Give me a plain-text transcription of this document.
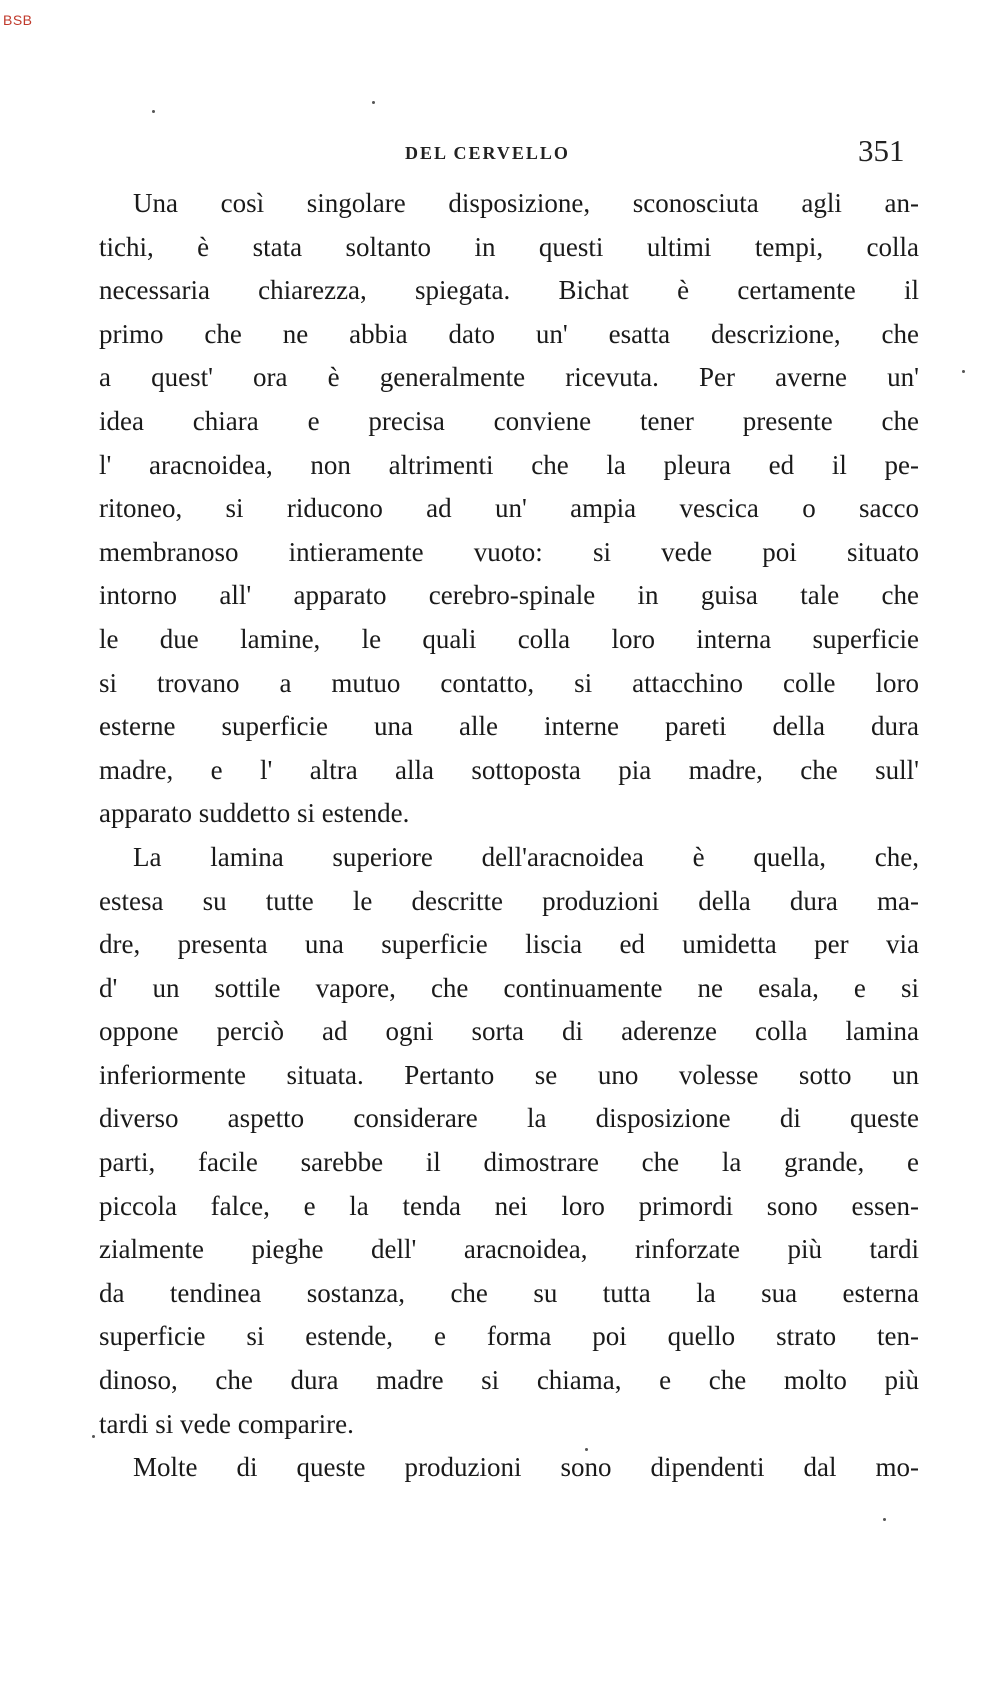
BSB
DEL CERVELLO	351
Una così singolare disposizione, sconosciuta agli an-
tichi, è stata soltanto in questi ultimi tempi, colla
necessaria chiarezza, spiegata. Bichat è certamente il
primo che ne abbia dato un' esatta descrizione, che
a quest' ora è generalmente ricevuta. Per averne un'
idea chiara e precisa conviene tener presente che
l' aracnoidea, non altrimenti che la pleura ed il pe-
ritoneo, si riducono ad un' ampia vescica o sacco
membranoso intieramente vuoto: si vede poi situato
intorno all' apparato cerebro-spinale in guisa tale che
le due lamine, le quali colla loro interna superficie
si trovano a mutuo contatto, si attacchino colle loro
esterne superficie una alle interne pareti della dura
madre, e l' altra alla sottoposta pia madre, che sull'
apparato suddetto si estende.
La lamina superiore dell'aracnoidea è quella, che,
estesa su tutte le descritte produzioni della dura ma-
dre, presenta una superficie liscia ed umidetta per via
d' un sottile vapore, che continuamente ne esala, e si
oppone perciò ad ogni sorta di aderenze colla lamina
inferiormente situata. Pertanto se uno volesse sotto un
diverso aspetto considerare la disposizione di queste
parti, facile sarebbe il dimostrare che la grande, e
piccola falce, e la tenda nei loro primordi sono essen-
zialmente pieghe dell' aracnoidea, rinforzate più tardi
da tendinea sostanza, che su tutta la sua esterna
superficie si estende, e forma poi quello strato ten-
dinoso, che dura madre si chiama, e che molto più
tardi si vede comparire.
Molte di queste produzioni sono dipendenti dal mo-
